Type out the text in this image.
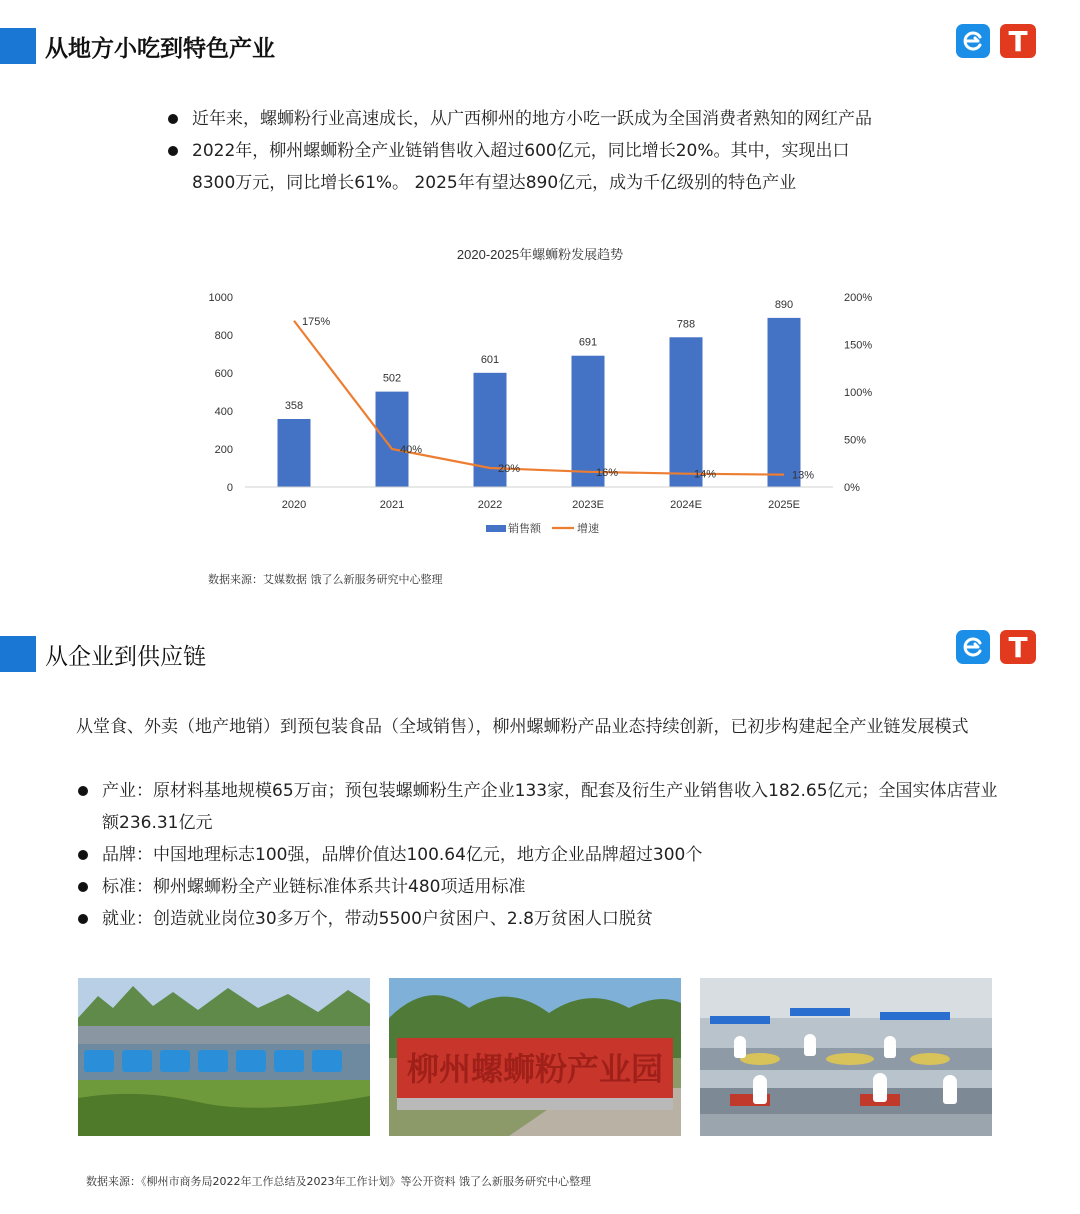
从地方小吃到特色产业	T
近年来，螺蛳粉行业高速成长，从广西柳州的地方小吃一跃成为全国消费者熟知的网红产品
2022年，柳州螺蛳粉全产业链销售收入超过600亿元，同比增长20%。其中，实现出口8300万元，同比增长61%。 2025年有望达890亿元，成为千亿级别的特色产业
2020-2025年螺蛳粉发展趋势
0
200
400
600
800
1000
0%
50%
100%
150%
200%
358
502
601
691
788
890
175%
40%
20%	16%	14%	13%
2020	2021	2022	2023E	2024E	2025E
销售额	增速
数据来源：艾媒数据 饿了么新服务研究中心整理
从企业到供应链	T
从堂食、外卖（地产地销）到预包装食品（全域销售），柳州螺蛳粉产品业态持续创新，已初步构建起全产业链发展模式
产业：原材料基地规模65万亩；预包装螺蛳粉生产企业133家，配套及衍生产业销售收入182.65亿元；全国实体店营业额236.31亿元
品牌：中国地理标志100强，品牌价值达100.64亿元，地方企业品牌超过300个
标准：柳州螺蛳粉全产业链标准体系共计480项适用标准
就业：创造就业岗位30多万个，带动5500户贫困户、2.8万贫困人口脱贫
柳州螺蛳粉产业园
数据来源：《柳州市商务局2022年工作总结及2023年工作计划》等公开资料 饿了么新服务研究中心整理
